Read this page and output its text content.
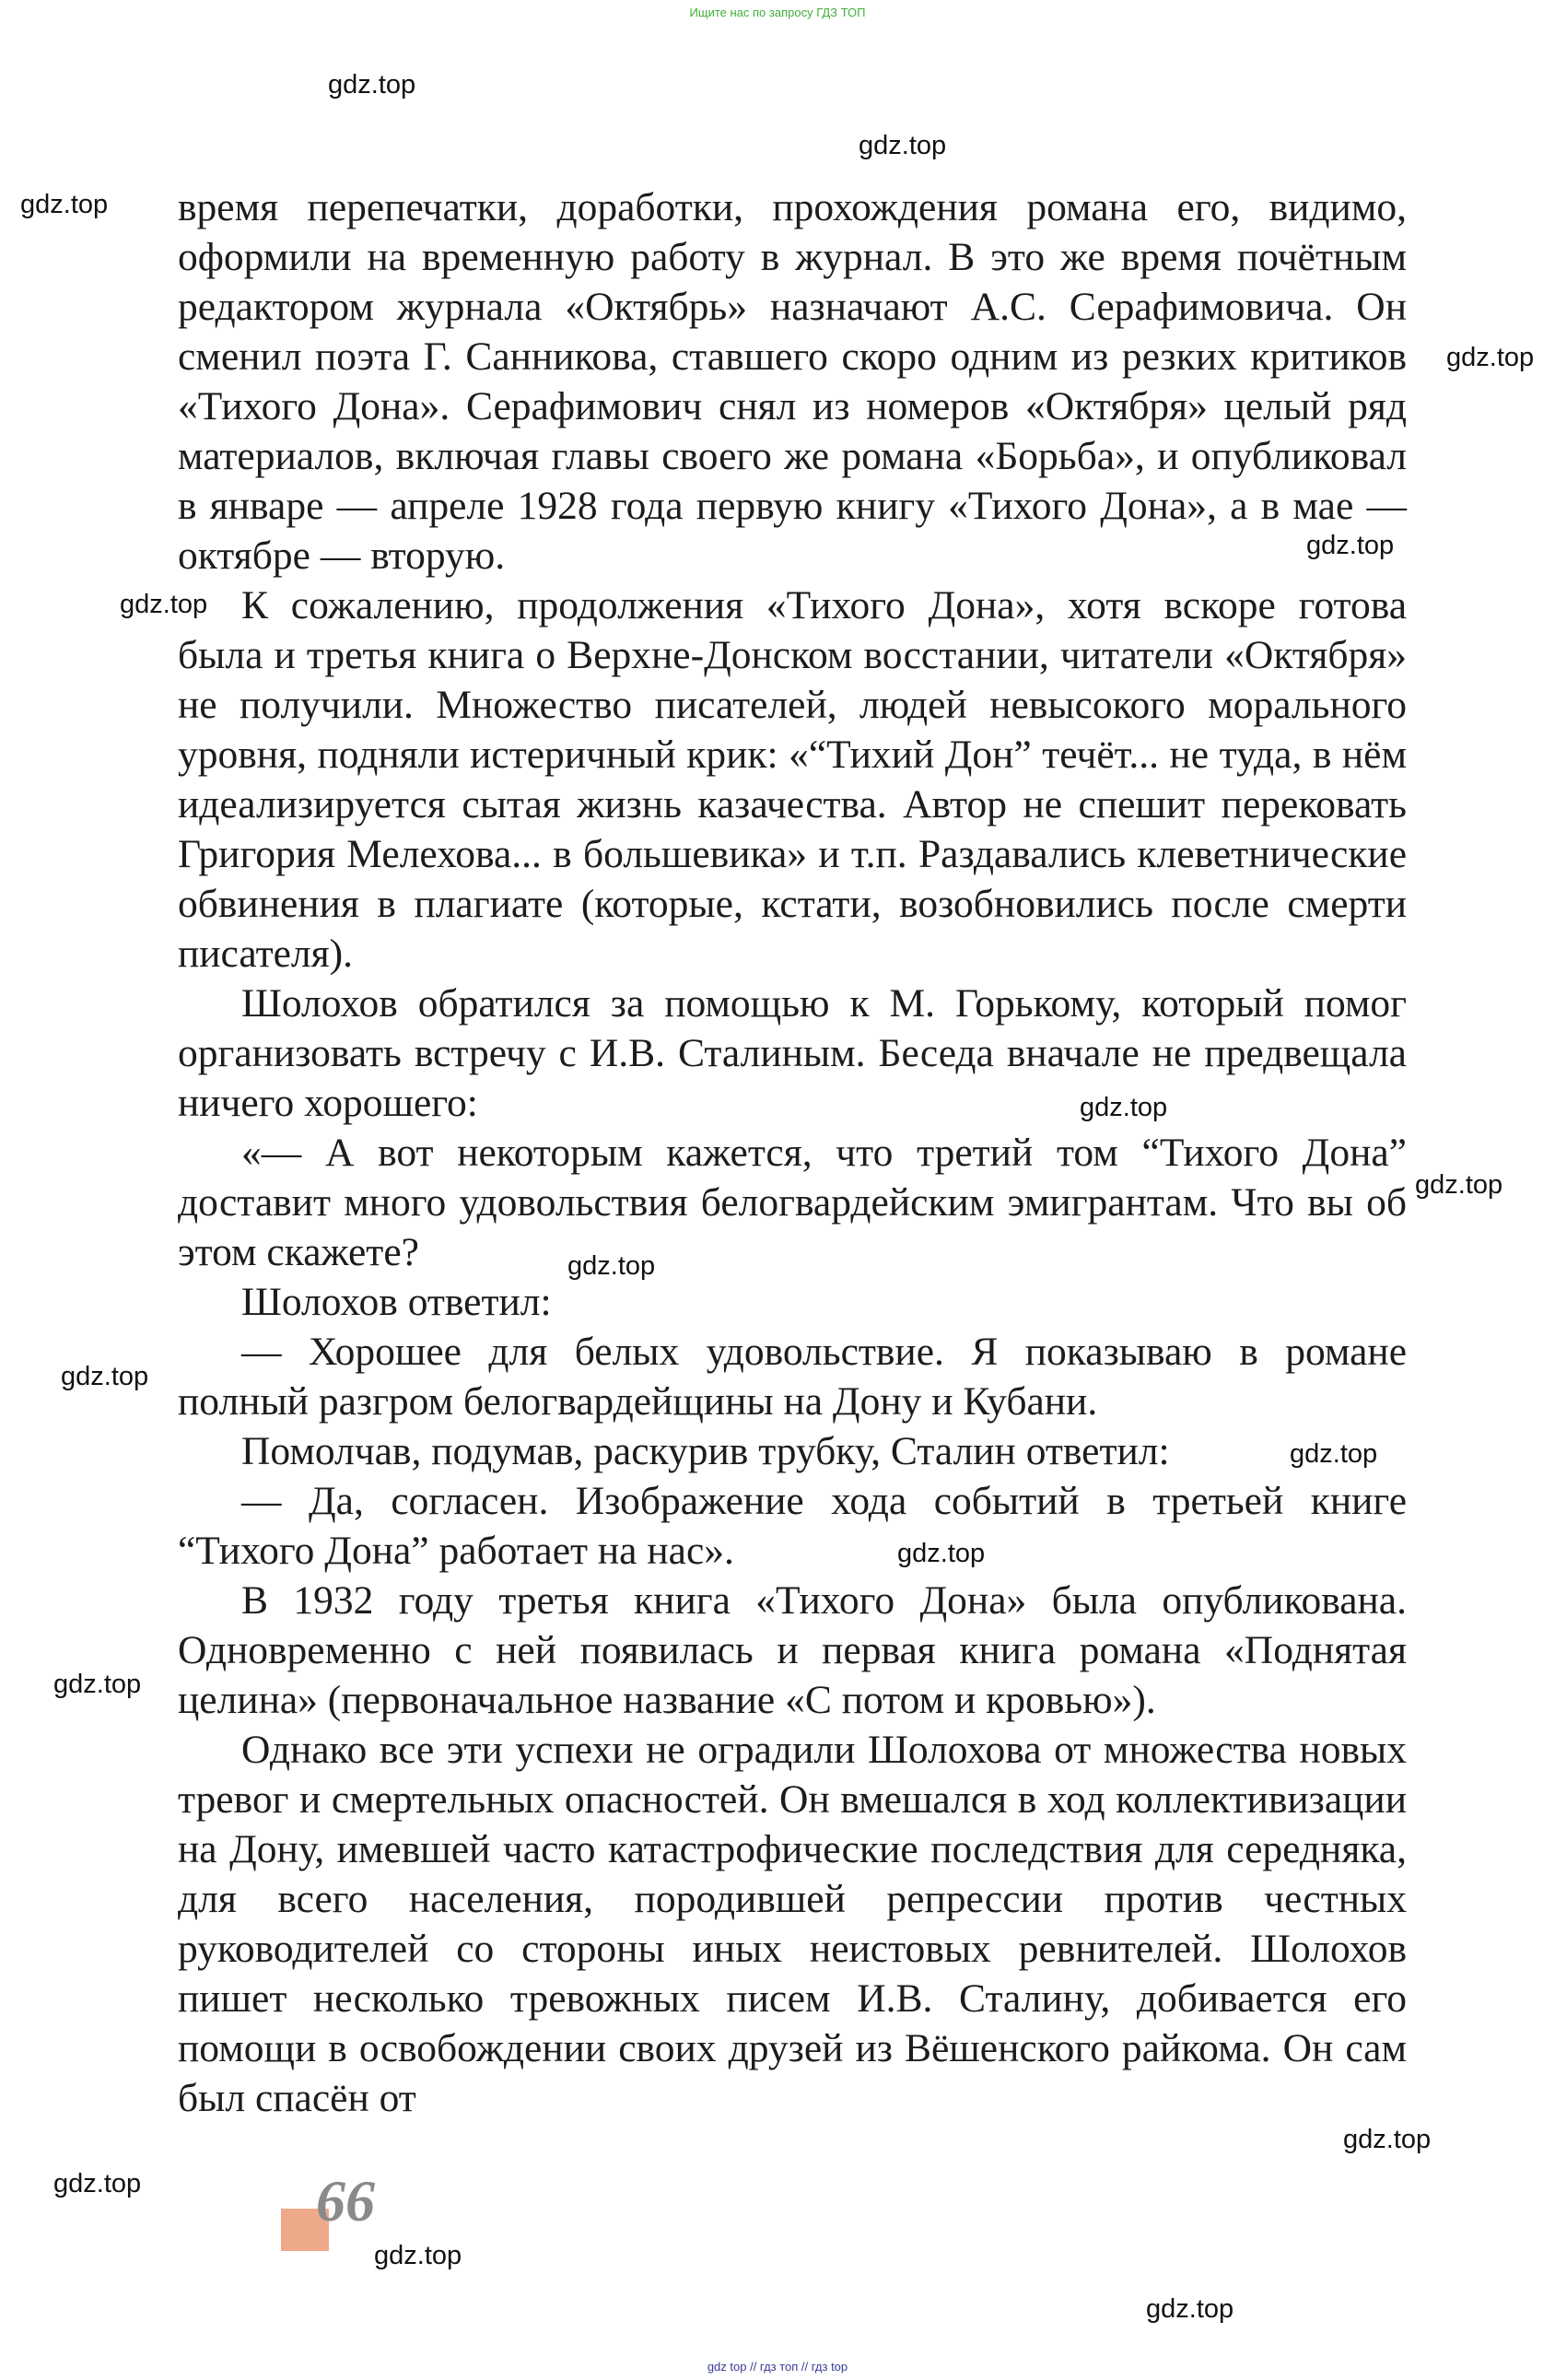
Ищите нас по запросу ГДЗ ТОП

время перепечатки, доработки, прохождения романа его, видимо, оформили на временную работу в журнал. В это же время почётным редактором журнала «Октябрь» назначают А.С. Серафимовича. Он сменил поэта Г. Санникова, ставшего скоро одним из резких критиков «Тихого Дона». Серафимович снял из номеров «Октября» целый ряд материалов, включая главы своего же романа «Борьба», и опубликовал в январе — апреле 1928 года первую книгу «Тихого Дона», а в мае — октябре — вторую.

К сожалению, продолжения «Тихого Дона», хотя вскоре готова была и третья книга о Верхне-Донском восстании, читатели «Октября» не получили. Множество писателей, людей невысокого морального уровня, подняли истеричный крик: «“Тихий Дон” течёт... не туда, в нём идеализируется сытая жизнь казачества. Автор не спешит перековать Григория Мелехова... в большевика» и т.п. Раздавались клеветнические обвинения в плагиате (которые, кстати, возобновились после смерти писателя).

Шолохов обратился за помощью к М. Горькому, который помог организовать встречу с И.В. Сталиным. Беседа вначале не предвещала ничего хорошего:

«— А вот некоторым кажется, что третий том “Тихого Дона” доставит много удовольствия белогвардейским эмигрантам. Что вы об этом скажете?

Шолохов ответил:

— Хорошее для белых удовольствие. Я показываю в романе полный разгром белогвардейщины на Дону и Кубани.

Помолчав, подумав, раскурив трубку, Сталин ответил:

— Да, согласен. Изображение хода событий в третьей книге “Тихого Дона” работает на нас».

В 1932 году третья книга «Тихого Дона» была опубликована. Одновременно с ней появилась и первая книга романа «Поднятая целина» (первоначальное название «С потом и кровью»).

Однако все эти успехи не оградили Шолохова от множества новых тревог и смертельных опасностей. Он вмешался в ход коллективизации на Дону, имевшей часто катастрофические последствия для середняка, для всего населения, породившей репрессии против честных руководителей со стороны иных неистовых ревнителей. Шолохов пишет несколько тревожных писем И.В. Сталину, добивается его помощи в освобождении своих друзей из Вёшенского райкома. Он сам был спасён от

gdz.top
gdz.top
gdz.top
gdz.top
gdz.top
gdz.top
gdz.top
gdz.top
gdz.top
gdz.top
gdz.top
gdz.top
gdz.top
gdz.top
gdz.top
gdz.top
gdz.top
66
gdz top // гдз топ // гдз top
